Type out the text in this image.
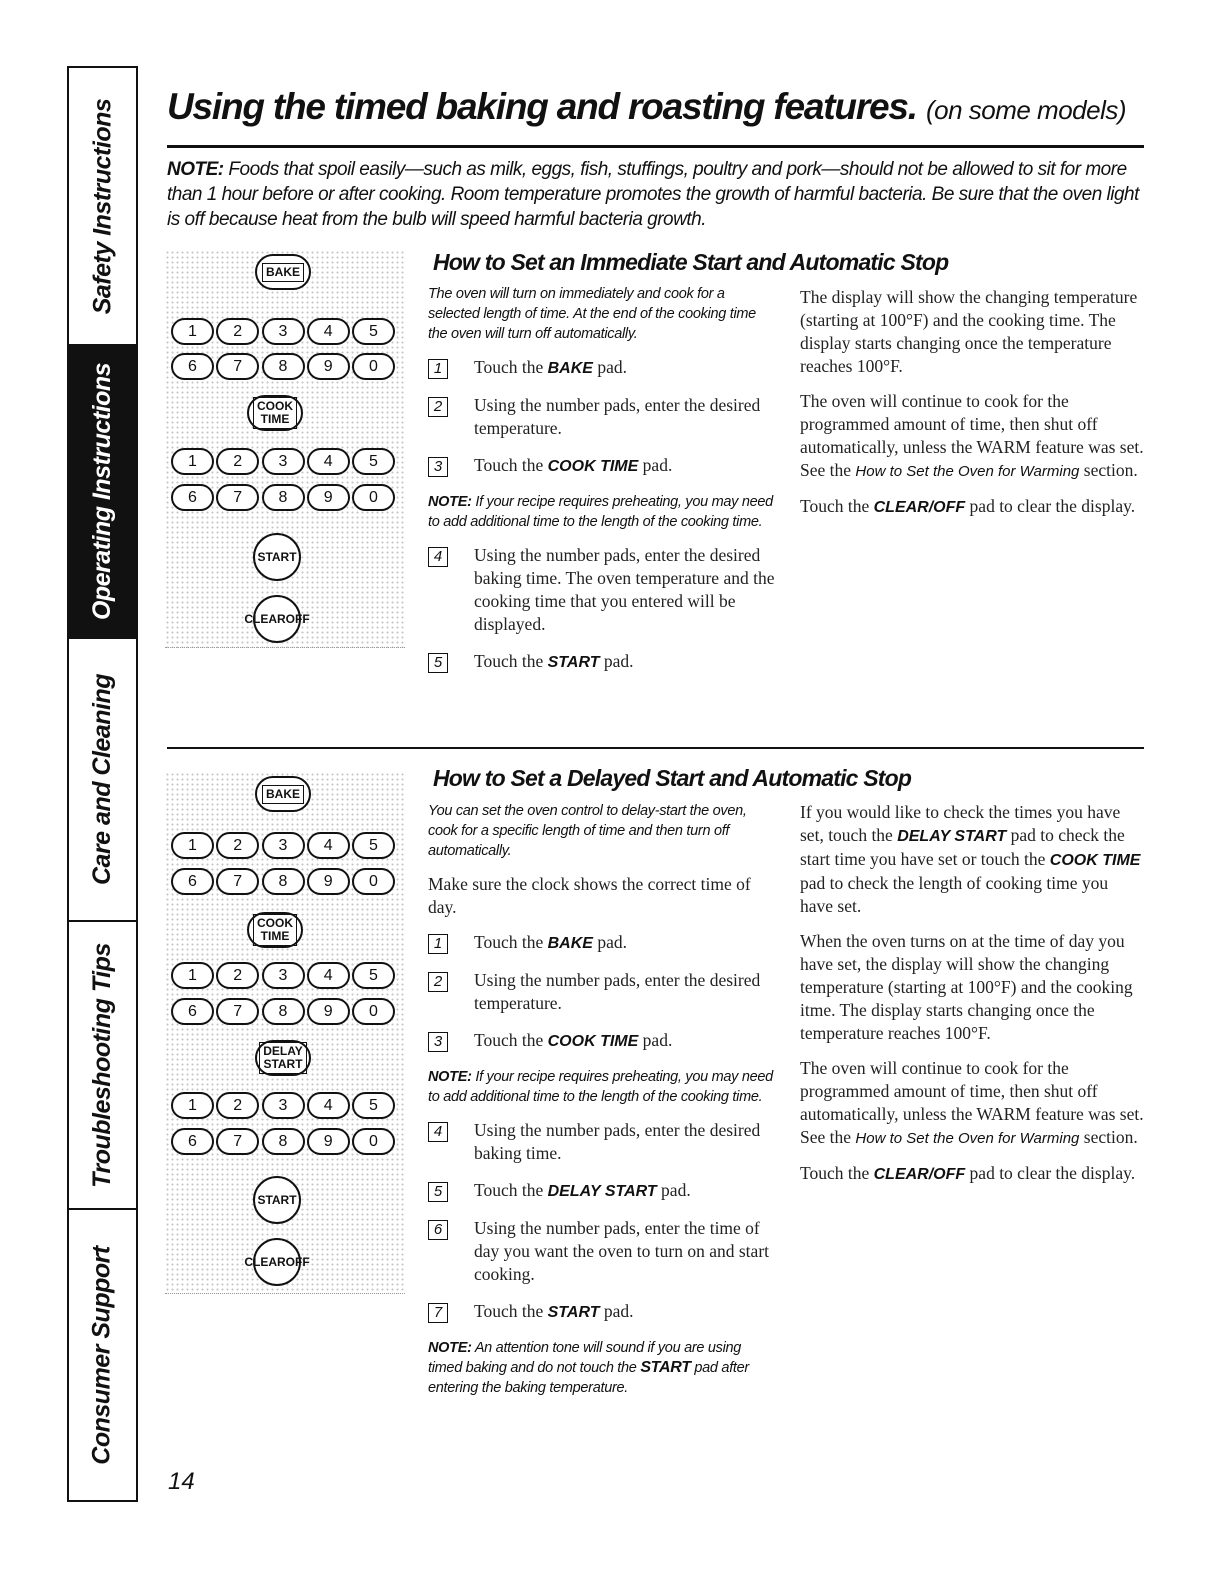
Safety Instructions
Operating Instructions
Care and Cleaning
Troubleshooting Tips
Consumer Support
Using the timed baking and roasting features. (on some models)
NOTE: Foods that spoil easily—such as milk, eggs, fish, stuffings, poultry and pork—should not be allowed to sit for more than 1 hour before or after cooking. Room temperature promotes the growth of harmful bacteria. Be sure that the oven light is off because heat from the bulb will speed harmful bacteria growth.
BAKE
1	2	3	4	5
6	7	8	9	0
COOK
TIME
1	2	3	4	5
6	7	8	9	0
START
CLEAR OFF
How to Set an Immediate Start and Automatic Stop
The oven will turn on immediately and cook for a selected length of time. At the end of the cooking time the oven will turn off automatically.
1	Touch the BAKE pad.
2	Using the number pads, enter the desired temperature.
3	Touch the COOK TIME pad.
NOTE: If your recipe requires preheating, you may need to add additional time to the length of the cooking time.
4	Using the number pads, enter the desired baking time. The oven temperature and the cooking time that you entered will be displayed.
5	Touch the START pad.

The display will show the changing temperature (starting at 100°F) and the cooking time. The display starts changing once the temperature reaches 100°F.

The oven will continue to cook for the programmed amount of time, then shut off automatically, unless the WARM feature was set. See the How to Set the Oven for Warming section.

Touch the CLEAR/OFF pad to clear the display.

BAKE
1	2	3	4	5
6	7	8	9	0
COOK
TIME
1	2	3	4	5
6	7	8	9	0
DELAY
START
1	2	3	4	5
6	7	8	9	0
START
CLEAR OFF
How to Set a Delayed Start and Automatic Stop
You can set the oven control to delay-start the oven, cook for a specific length of time and then turn off automatically.

Make sure the clock shows the correct time of day.

1	Touch the BAKE pad.
2	Using the number pads, enter the desired temperature.
3	Touch the COOK TIME pad.
NOTE: If your recipe requires preheating, you may need to add additional time to the length of the cooking time.
4	Using the number pads, enter the desired baking time.
5	Touch the DELAY START pad.
6	Using the number pads, enter the time of day you want the oven to turn on and start cooking.
7	Touch the START pad.
NOTE: An attention tone will sound if you are using timed baking and do not touch the START pad after entering the baking temperature.

If you would like to check the times you have set, touch the DELAY START pad to check the start time you have set or touch the COOK TIME pad to check the length of cooking time you have set.

When the oven turns on at the time of day you have set, the display will show the changing temperature (starting at 100°F) and the cooking itme. The display starts changing once the temperature reaches 100°F.

The oven will continue to cook for the programmed amount of time, then shut off automatically, unless the WARM feature was set. See the How to Set the Oven for Warming section.

Touch the CLEAR/OFF pad to clear the display.

14
